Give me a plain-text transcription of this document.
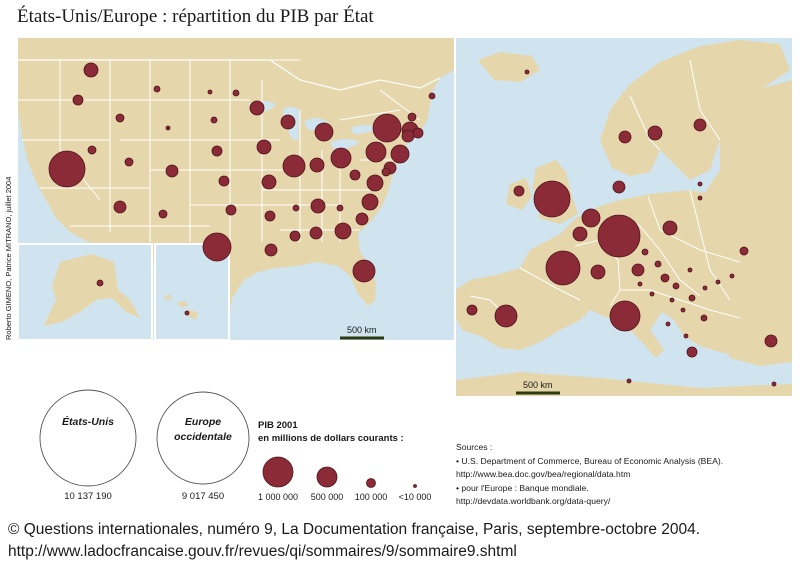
États-Unis/Europe : répartition du PIB par État
Roberto GIMENO, Patrice MITRANO, juillet 2004	500 km
500 km
États-Unis	Europe
occidentale
10 137 190	9 017 450
PIB 2001
en millions de dollars courants :
1 000 000	500 000	100 000	<10 000
Sources :
• U.S. Department of Commerce, Bureau of Economic Analysis (BEA).
http://www.bea.doc.gov/bea/regional/data.htm
• pour l'Europe : Banque mondiale.
http://devdata.worldbank.org/data-query/
© Questions internationales, numéro 9, La Documentation française, Paris, septembre-octobre 2004.
http://www.ladocfrancaise.gouv.fr/revues/qi/sommaires/9/sommaire9.shtml
